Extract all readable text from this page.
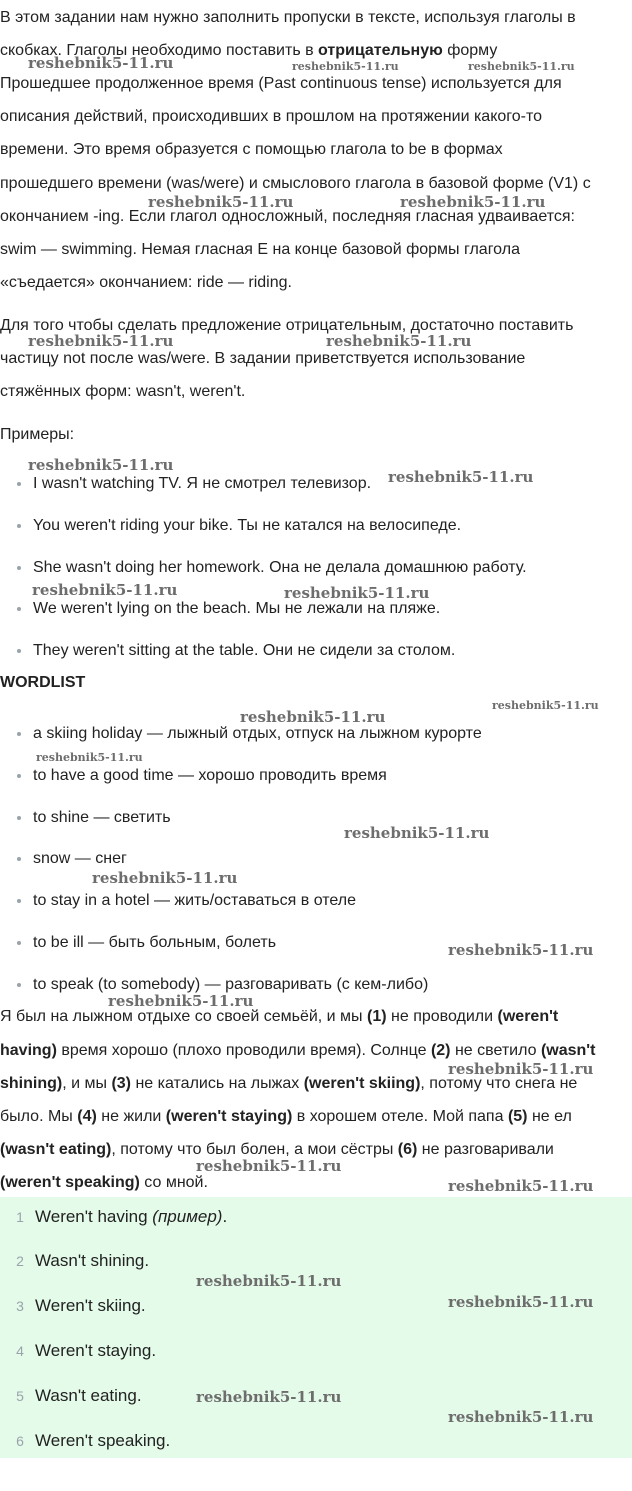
В этом задании нам нужно заполнить пропуски в тексте, используя глаголы в
скобках. Глаголы необходимо поставить в отрицательную форму
Прошедшее продолженное время (Past continuous tense) используется для
описания действий, происходивших в прошлом на протяжении какого-то
времени. Это время образуется с помощью глагола to be в формах
прошедшего времени (was/were) и смыслового глагола в базовой форме (V1) с
окончанием -ing. Если глагол односложный, последняя гласная удваивается:
swim — swimming. Немая гласная E на конце базовой формы глагола
«съедается» окончанием: ride — riding.
Для того чтобы сделать предложение отрицательным, достаточно поставить
частицу not после was/were. В задании приветствуется использование
стяжённых форм: wasn't, weren't.
Примеры:
I wasn't watching TV. Я не смотрел телевизор.
You weren't riding your bike. Ты не катался на велосипеде.
She wasn't doing her homework. Она не делала домашнюю работу.
We weren't lying on the beach. Мы не лежали на пляже.
They weren't sitting at the table. Они не сидели за столом.
WORDLIST
a skiing holiday — лыжный отдых, отпуск на лыжном курорте
to have a good time — хорошо проводить время
to shine — светить
snow — снег
to stay in a hotel — жить/оставаться в отеле
to be ill — быть больным, болеть
to speak (to somebody) — разговаривать (с кем-либо)
Я был на лыжном отдыхе со своей семьёй, и мы (1) не проводили (weren't
having) время хорошо (плохо проводили время). Солнце (2) не светило (wasn't
shining), и мы (3) не катались на лыжах (weren't skiing), потому что снега не
было. Мы (4) не жили (weren't staying) в хорошем отеле. Мой папа (5) не ел
(wasn't eating), потому что был болен, а мои сёстры (6) не разговаривали
(weren't speaking) со мной.
1 Weren't having (пример).
2 Wasn't shining.
3 Weren't skiing.
4 Weren't staying.
5 Wasn't eating.
6 Weren't speaking.
reshebnik5-11.ru	reshebnik5-11.ru	reshebnik5-11.ru
reshebnik5-11.ru	reshebnik5-11.ru
reshebnik5-11.ru	reshebnik5-11.ru
reshebnik5-11.ru
reshebnik5-11.ru
reshebnik5-11.ru	reshebnik5-11.ru
reshebnik5-11.ru
reshebnik5-11.ru
reshebnik5-11.ru
reshebnik5-11.ru
reshebnik5-11.ru
reshebnik5-11.ru
reshebnik5-11.ru
reshebnik5-11.ru
reshebnik5-11.ru
reshebnik5-11.ru
reshebnik5-11.ru
reshebnik5-11.ru
reshebnik5-11.ru
reshebnik5-11.ru
